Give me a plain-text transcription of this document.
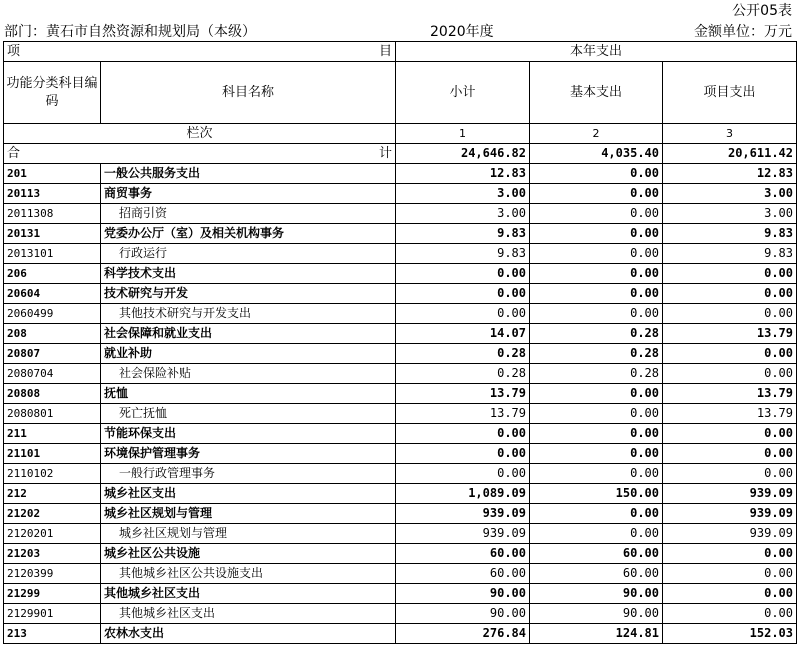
公开05表
部门：黄石市自然资源和规划局（本级）	2020年度	金额单位：万元
项 目		本年支出		
功能分类科目编码	科目名称	小计	基本支出	项目支出
栏次		1	2	3
合 计		24,646.82	4,035.40	20,611.42
201	一般公共服务支出	12.83	0.00	12.83
20113	商贸事务	3.00	0.00	3.00
2011308	招商引资	3.00	0.00	3.00
20131	党委办公厅（室）及相关机构事务	9.83	0.00	9.83
2013101	行政运行	9.83	0.00	9.83
206	科学技术支出	0.00	0.00	0.00
20604	技术研究与开发	0.00	0.00	0.00
2060499	其他技术研究与开发支出	0.00	0.00	0.00
208	社会保障和就业支出	14.07	0.28	13.79
20807	就业补助	0.28	0.28	0.00
2080704	社会保险补贴	0.28	0.28	0.00
20808	抚恤	13.79	0.00	13.79
2080801	死亡抚恤	13.79	0.00	13.79
211	节能环保支出	0.00	0.00	0.00
21101	环境保护管理事务	0.00	0.00	0.00
2110102	一般行政管理事务	0.00	0.00	0.00
212	城乡社区支出	1,089.09	150.00	939.09
21202	城乡社区规划与管理	939.09	0.00	939.09
2120201	城乡社区规划与管理	939.09	0.00	939.09
21203	城乡社区公共设施	60.00	60.00	0.00
2120399	其他城乡社区公共设施支出	60.00	60.00	0.00
21299	其他城乡社区支出	90.00	90.00	0.00
2129901	其他城乡社区支出	90.00	90.00	0.00
213	农林水支出	276.84	124.81	152.03
